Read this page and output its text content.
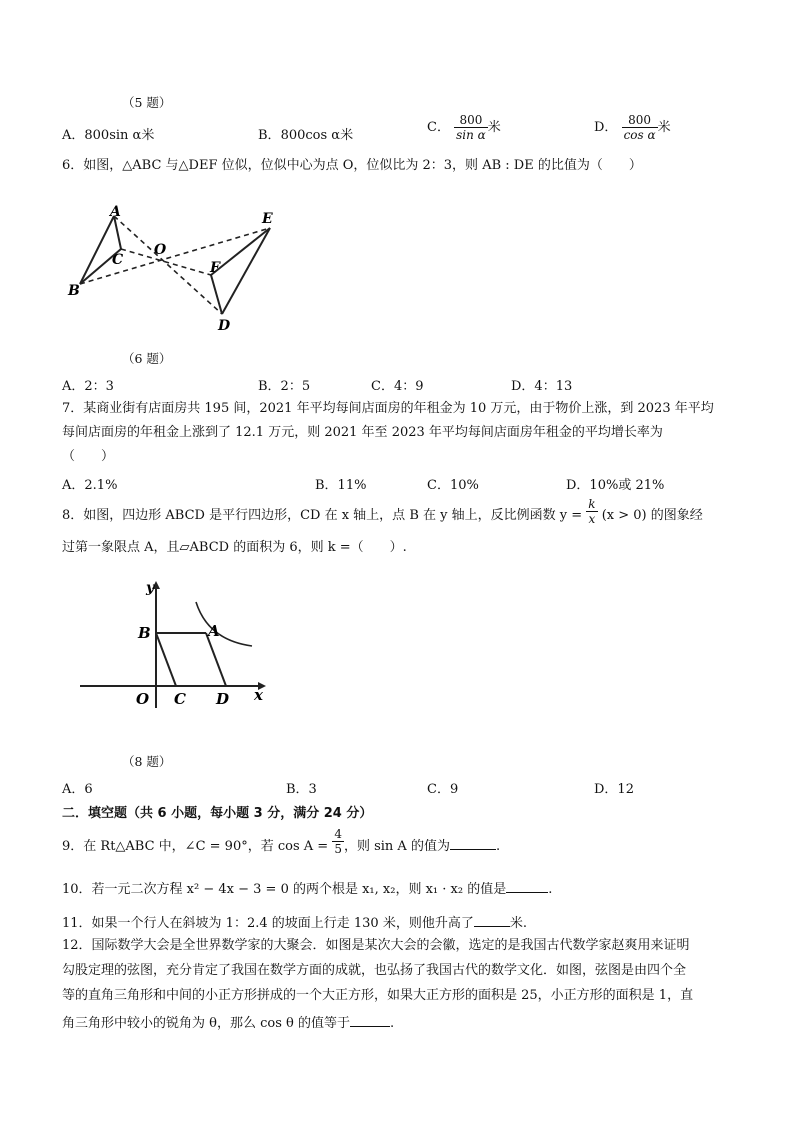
（5 题）
A．800sin α米	B．800cos α米
C． $\frac{800}{\text{sin α}}$ 米	D． $\frac{800}{\text{cos α}}$ 米
6．如图，△ABC 与△DEF 位似，位似中心为点 O，位似比为 2：3，则 AB : DE 的比值为（　　）
A
B
C
O
E
F
D
（6 题）
A．2：3	B．2：5	C．4：9	D．4：13
7．某商业街有店面房共 195 间，2021 年平均每间店面房的年租金为 10 万元，由于物价上涨，到 2023 年平均
每间店面房的年租金上涨到了 12.1 万元，则 2021 年至 2023 年平均每间店面房年租金的平均增长率为
（　　）
A．2.1%	B．11%	C．10%	D．10%或 21%
8．如图，四边形 ABCD 是平行四边形，CD 在 x 轴上，点 B 在 y 轴上，反比例函数 $y = \frac{k}{x} (x > 0)$ 的图象经
过第一象限点 A，且▱ABCD 的面积为 6，则 k =（　　）.
y
B	A
O C D x
（8 题）
A．6	B．3	C．9	D．12
二．填空题（共 6 小题，每小题 3 分，满分 24 分）
9．在 Rt△ABC 中，∠C = 90°，若 $\cos A = \frac{4}{5}$ ，则 sin A 的值为	.
10．若一元二次方程 x² − 4x − 3 = 0 的两个根是 x₁, x₂，则 x₁ · x₂ 的值是	.
11．如果一个行人在斜坡为 1：2.4 的坡面上行走 130 米，则他升高了	米.
12．国际数学大会是全世界数学家的大聚会．如图是某次大会的会徽，选定的是我国古代数学家赵爽用来证明
勾股定理的弦图，充分肯定了我国在数学方面的成就，也弘扬了我国古代的数学文化．如图，弦图是由四个全
等的直角三角形和中间的小正方形拼成的一个大正方形，如果大正方形的面积是 25，小正方形的面积是 1，直
角三角形中较小的锐角为 θ，那么 cos θ 的值等于	.
